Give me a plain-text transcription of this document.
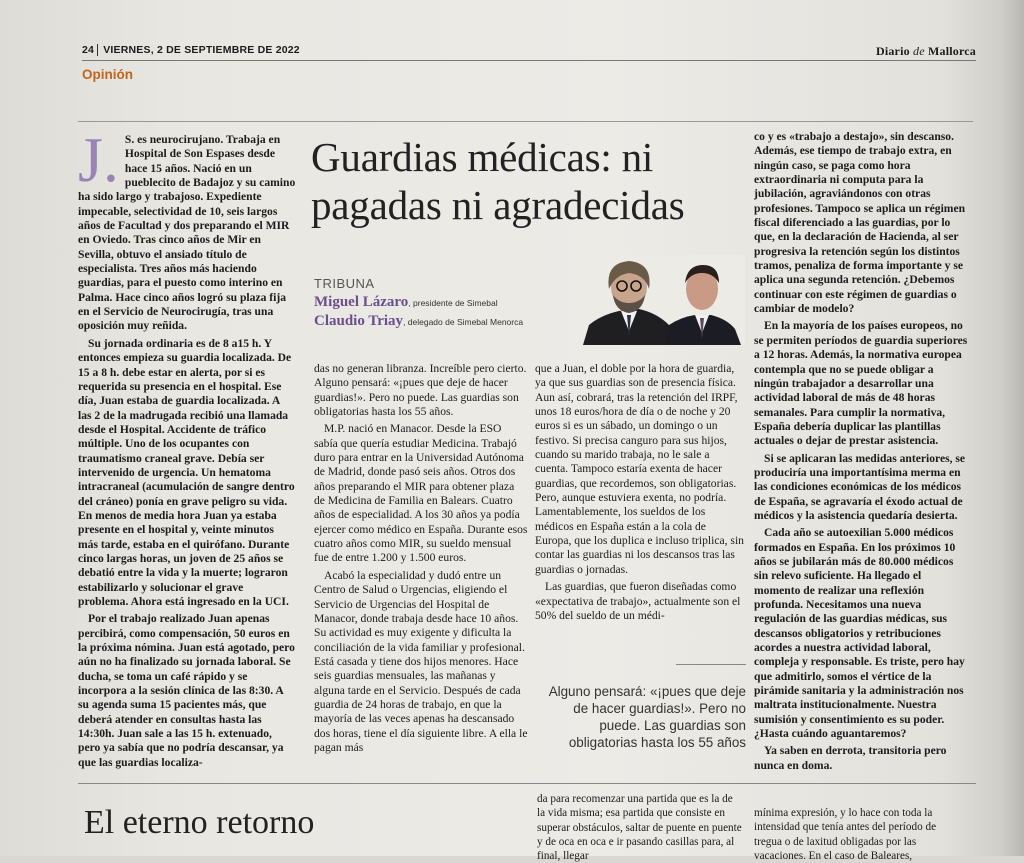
24 VIERNES, 2 DE SEPTIEMBRE DE 2022	Diario de Mallorca
Opinión
J. S. es neurocirujano. Trabaja en Hospital de Son Espases desde hace 15 años. Nació en un pueblecito de Badajoz y su camino ha sido largo y trabajoso. Expediente impecable, selectividad de 10, seis largos años de Facultad y dos preparando el MIR en Oviedo. Tras cinco años de Mir en Sevilla, obtuvo el ansiado título de especialista. Tres años más haciendo guardias, para el puesto como interino en Palma. Hace cinco años logró su plaza fija en el Servicio de Neurocirugía, tras una oposición muy reñida.

Su jornada ordinaria es de 8 a15 h. Y entonces empieza su guardia localizada. De 15 a 8 h. debe estar en alerta, por si es requerida su presencia en el hospital. Ese día, Juan estaba de guardia localizada. A las 2 de la madrugada recibió una llamada desde el Hospital. Accidente de tráfico múltiple. Uno de los ocupantes con traumatismo craneal grave. Debía ser intervenido de urgencia. Un hematoma intracraneal (acumulación de sangre dentro del cráneo) ponía en grave peligro su vida. En menos de media hora Juan ya estaba presente en el hospital y, veinte minutos más tarde, estaba en el quirófano. Durante cinco largas horas, un joven de 25 años se debatió entre la vida y la muerte; lograron estabilizarlo y solucionar el grave problema. Ahora está ingresado en la UCI.

Por el trabajo realizado Juan apenas percibirá, como compensación, 50 euros en la próxima nómina. Juan está agotado, pero aún no ha finalizado su jornada laboral. Se ducha, se toma un café rápido y se incorpora a la sesión clínica de las 8:30. A su agenda suma 15 pacientes más, que deberá atender en consultas hasta las 14:30h. Juan sale a las 15 h. extenuado, pero ya sabía que no podría descansar, ya que las guardias localiza-

Guardias médicas: ni
pagadas ni agradecidas
TRIBUNA
Miguel Lázaro, presidente de Simebal
Claudio Triay, delegado de Simebal Menorca

das no generan libranza. Increíble pero cierto. Alguno pensará: «¡pues que deje de hacer guardias!». Pero no puede. Las guardias son obligatorias hasta los 55 años.

M.P. nació en Manacor. Desde la ESO sabía que quería estudiar Medicina. Trabajó duro para entrar en la Universidad Autónoma de Madrid, donde pasó seis años. Otros dos años preparando el MIR para obtener plaza de Medicina de Familia en Balears. Cuatro años de especialidad. A los 30 años ya podía ejercer como médico en España. Durante esos cuatro años como MIR, su sueldo mensual fue de entre 1.200 y 1.500 euros.

Acabó la especialidad y dudó entre un Centro de Salud o Urgencias, eligiendo el Servicio de Urgencias del Hospital de Manacor, donde trabaja desde hace 10 años. Su actividad es muy exigente y dificulta la conciliación de la vida familiar y profesional. Está casada y tiene dos hijos menores. Hace seis guardias mensuales, las mañanas y alguna tarde en el Servicio. Después de cada guardia de 24 horas de trabajo, en que la mayoría de las veces apenas ha descansado dos horas, tiene el día siguiente libre. A ella le pagan más

que a Juan, el doble por la hora de guardia, ya que sus guardias son de presencia física. Aun así, cobrará, tras la retención del IRPF, unos 18 euros/hora de día o de noche y 20 euros si es un sábado, un domingo o un festivo. Si precisa canguro para sus hijos, cuando su marido trabaja, no le sale a cuenta. Tampoco estaría exenta de hacer guardias, que recordemos, son obligatorias. Pero, aunque estuviera exenta, no podría. Lamentablemente, los sueldos de los médicos en España están a la cola de Europa, que los duplica e incluso triplica, sin contar las guardias ni los descansos tras las guardias o jornadas.

Las guardias, que fueron diseñadas como «expectativa de trabajo», actualmente son el 50% del sueldo de un médi-

Alguno pensará: «¡pues que deje de hacer guardias!». Pero no puede. Las guardias son obligatorias hasta los 55 años

co y es «trabajo a destajo», sin descanso. Además, ese tiempo de trabajo extra, en ningún caso, se paga como hora extraordinaria ni computa para la jubilación, agraviándonos con otras profesiones. Tampoco se aplica un régimen fiscal diferenciado a las guardias, por lo que, en la declaración de Hacienda, al ser progresiva la retención según los distintos tramos, penaliza de forma importante y se aplica una segunda retención. ¿Debemos continuar con este régimen de guardias o cambiar de modelo?

En la mayoría de los países europeos, no se permiten períodos de guardia superiores a 12 horas. Además, la normativa europea contempla que no se puede obligar a ningún trabajador a desarrollar una actividad laboral de más de 48 horas semanales. Para cumplir la normativa, España debería duplicar las plantillas actuales o dejar de prestar asistencia.

Si se aplicaran las medidas anteriores, se produciría una importantísima merma en las condiciones económicas de los médicos de España, se agravaría el éxodo actual de médicos y la asistencia quedaría desierta.

Cada año se autoexilian 5.000 médicos formados en España. En los próximos 10 años se jubilarán más de 80.000 médicos sin relevo suficiente. Ha llegado el momento de realizar una reflexión profunda. Necesitamos una nueva regulación de las guardias médicas, sus descansos obligatorios y retribuciones acordes a nuestra actividad laboral, compleja y responsable. Es triste, pero hay que admitirlo, somos el vértice de la pirámide sanitaria y la administración nos maltrata institucionalmente. Nuestra sumisión y consentimiento es su poder. ¿Hasta cuándo aguantaremos?

Ya saben en derrota, transitoria pero nunca en doma.

El eterno retorno
da para recomenzar una partida que es la de la vida misma; esa partida que consiste en superar obstáculos, saltar de puente en puente y de oca en oca e ir pasando casillas para, al final, llegar
mínima expresión, y lo hace con toda la intensidad que tenía antes del período de tregua o de laxitud obligadas por las vacaciones. En el caso de Baleares,
